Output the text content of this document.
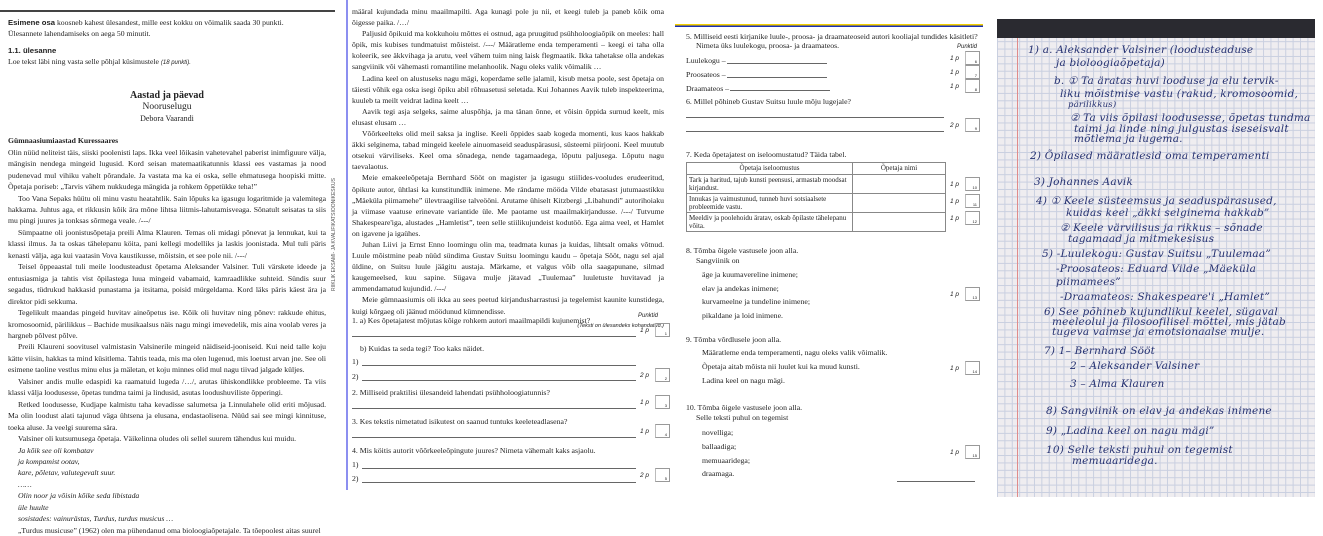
Esimene osa koosneb kahest ülesandest, mille eest kokku on võimalik saada 30 punkti.
Ülesannete lahendamiseks on aega 50 minutit.
1.1. ülesanne
Loe tekst läbi ning vasta selle põhjal küsimustele (18 punkti).
Aastad ja päevad
Nooruselugu
Debora Vaarandi
Gümnaasiumiaastad Kuressaares

Olin nüüd neliteist täis, siiski poolenisti laps. Ikka veel lõikasin vahetevahel paberist inimfiguure välja, mängisin nendega mingeid lugusid. Kord seisan matemaatikatunnis klassi ees vastamas ja nood pudenevad mul vihiku vahelt põrandale. Ja vastata ma ka ei oska, selle ehmatusega hoopiski mitte. Õpetaja poriseb: „Tarvis vähem nukkudega mängida ja rohkem õppetükke teha!”

Too Vana Sepaks hüütu oli minu vastu heatahtlik. Sain lõpuks ka igasugu logaritmide ja valemitega hakkama. Juhtus aga, et rikkusin kõik ära mõne lihtsa liitmis-lahutamisveaga. Sõnatult seisatas ta siis mu pingi juures ja tonksas sõrmega veale. /---/

Sümpaatne oli joonistusõpetaja preili Alma Klauren. Temas oli midagi põnevat ja lennukat, kui ta klassi ilmus. Ja ta oskas tähelepanu köita, pani kellegi modelliks ja laskis joonistada. Mul tuli päris kenasti välja, aga kui vaatasin Vova kaustikusse, mõistsin, et see pole nii. /---/

Teisel õppeaastal tuli meile loodusteadust õpetama Aleksander Valsiner. Tuli värskete ideede ja entusiasmiga ja tahtis vist õpilastega luua mingeid vabamaid, kamraadlikke suhteid. Sündis suur segadus, tüdrukud hakkasid punastama ja itsitama, poisid mürgeldama. Kord läks päris käest ära ja direktor pidi sekkuma.

Tegelikult maandas pingeid huvitav aineõpetus ise. Kõik oli huvitav ning põnev: rakkude ehitus, kromosoomid, pärilikkus – Bachide musikaalsus näis nagu mingi imevedelik, mis aina voolab veres ja hargneb põlvest põlve.

Preili Klaureni soovitusel valmistasin Valsinerile mingeid näidiseid-jooniseid. Kui neid talle koju kätte viisin, hakkas ta mind küsitlema. Tahtis teada, mis ma olen lugenud, mis loetust arvan jne. See oli esimene taoline vestlus minu elus ja mäletan, et koju minnes olid mul nagu tiivad jalgade küljes.

Valsiner andis mulle edaspidi ka raamatuid lugeda /…/, arutas ühiskondlikke probleeme. Ta viis klassi välja loodusesse, õpetas tundma taimi ja lindusid, asutas loodushuviliste õpperingi.

Retked loodusesse, Kudjape kalmistu taha kevadisse salumetsa ja Linnulahele olid eriti mõjusad. Ma olin loodust alati tajunud väga ühtsena ja elusana, endastaolisena. Nüüd sai see mingi kinnituse, toeka aluse. Ja veelgi suurema sära.

Valsiner oli kutsumusega õpetaja. Väikelinna oludes oli sellel suurem tähendus kui muidu.

Ja kõik see oli kombatav
ja kompamist ootav,
kare, põletav, valutegevalt suur.
……
Olin noor ja võisin kõike seda libistada
üle huulte
sosistades: vainurästas, Turdus, turdus musicus …

„Turdus musicuse” (1962) olen ma pühendanud oma bioloogiaõpetajale. Ta tõepoolest aitas suurel

RIIKLIK EKSAMI- JA KVALIFIKATSIOONIKESKUS

määral kujundada minu maailmapilti. Aga kunagi pole ju nii, et keegi tuleb ja paneb kõik oma õigesse paika. /…/

Paljusid õpikuid ma kokkuhoiu mõttes ei ostnud, aga pruugitud psühholoogiaõpik on meeles: hall õpik, mis kubises tundmatuist mõisteist. /---/ Määratleme enda temperamenti – keegi ei taha olla koleerik, see äkkvihaga ja arutu, veel vähem tuim ning laisk flegmaatik. Ikka tahetakse olla andekas sangviinik või vähemasti romantiline melanhoolik. Nagu oleks valik võimalik …

Ladina keel on alustuseks nagu mägi, koperdame selle jalamil, kisub metsa poole, sest õpetaja on täiesti võhik ega oska isegi õpiku abil rõhuasetusi seletada. Kui Johannes Aavik tuleb inspekteerima, kuuleb ta meilt veidrat ladina keelt …

Aavik tegi asja selgeks, saime aluspõhja, ja ma tänan õnne, et võisin õppida surnud keelt, mis elusast elusam …

Võõrkeelteks olid meil saksa ja inglise. Keeli õppides saab kogeda momenti, kus kaos hakkab äkki selginema, tabad mingeid keelele ainuomaseid seaduspärasusi, süsteemi piirjooni. Keel muutub otsekui värviliseks. Keel oma sõnadega, nende tagamaadega, lõputu paljusega. Lõputu nagu taevalaotus.

Meie emakeeleõpetaja Bernhard Sööt on magister ja igasugu stiilides-vooludes erudeeritud, õpikute autor, ühtlasi ka kunstitundlik inimene. Me rändame mööda Vilde ebatasast jutumaastikku „Mäeküla piimamehe” ülevtraagilise talveööni. Arutame ühiselt Kitzbergi „Libahundi” autorihoiaku ja viimase vaatuse erinevate variantide üle. Me paotame ust maailmakirjandusse. /---/ Tutvume Shakespeare'iga, alustades „Hamletist”, teen selle stiilikujundeist kodutöö. Ega aima veel, et Hamlet on igavene ja igaühes.

Juhan Liivi ja Ernst Enno loomingu olin ma, teadmata kunas ja kuidas, lihtsalt omaks võtnud. Luule mõistmine peab nüüd sündima Gustav Suitsu loomingu kaudu – õpetaja Sööt, nagu sel ajal üldine, on Suitsu luule jäägitu austaja. Märkame, et valgus võib olla saagapunane, silmad kaugemeelsed, kuu sapine. Sügava mulje jätavad „Tuulemaa” luuletuste huvitavad ja ammendamatud kujundid. /---/

Meie gümnaasiumis oli ikka au sees peetud kirjandusharrastusi ja tegelemist kaunite kunstidega, kuigi kõrgaeg oli jäänud möödunud kümnendisse.

(Teksti on ülesandeks kohandatud.)
1. a) Kes õpetajatest mõjutas kõige rohkem autori maailmapildi kujunemist?	Punktid
b) Kuidas ta seda tegi? Too kaks näidet.
1)
2)
2. Milliseid praktilisi ülesandeid lahendati psühholoogiatunnis?
3. Kes tekstis nimetatud isikutest on saanud tuntuks keeleteadlasena?
4. Mis köitis autorit võõrkeeleõpingute juures? Nimeta vähemalt kaks asjaolu.
1)
2)
1 p	1
2 p	2
1 p	3
1 p	4
2 p	5
5. Milliseid eesti kirjanike luule-, proosa- ja draamateoseid autori kooliajal tundides käsitleti?
Nimeta üks luulekogu, proosa- ja draamateos.	Punktid
Luulekogu –
Proosateos –
Draamateos –
6. Millel põhineb Gustav Suitsu luule mõju lugejale?
7. Keda õpetajatest on iseloomustatud? Täida tabel.
Õpetaja iseloomustus	Õpetaja nimi
Tark ja haritud, tajub kunsti peensusi, armastab moodsat kirjandust.	
Innukas ja vaimustunud, tunneb huvi sotsiaalsete probleemide vastu.	
Meeldiv ja poolehoidu äratav, oskab õpilaste tähelepanu võita.	
8. Tõmba õigele vastusele joon alla.
Sangviinik on
äge ja kuumavereline inimene;
elav ja andekas inimene;
kurvameelne ja tundeline inimene;
pikaldane ja loid inimene.
9. Tõmba võrdlusele joon alla.
Määratleme enda temperamenti, nagu oleks valik võimalik.
Õpetaja aitab mõista nii luulet kui ka muud kunsti.
Ladina keel on nagu mägi.
10. Tõmba õigele vastusele joon alla.
Selle teksti puhul on tegemist
novelliga;
ballaadiga;
memuaaridega;
draamaga.
1 p	6
1 p	7
1 p	8
2 p	9
1 p	10
1 p	11
1 p	12
1 p	13
1 p	14
1 p	15
1) a. Aleksander Valsiner (loodusteaduse
ja bioloogiaõpetaja)
b. ① Ta äratas huvi looduse ja elu tervik-
liku mõistmise vastu (rakud, kromosoomid,
pärilikkus)
② Ta viis õpilasi loodusesse, õpetas tundma
taimi ja linde ning julgustas iseseisvalt
mõtlema ja lugema.
2) Õpilased määratlesid oma temperamenti
3) Johannes Aavik
4) ① Keele süsteemsus ja seaduspärasused,
kuidas keel „äkki selginema hakkab”
② Keele värvilisus ja rikkus – sõnade
tagamaad ja mitmekesisus
5) -Luulekogu: Gustav Suitsu „Tuulemaa”
-Proosateos: Eduard Vilde „Mäeküla
piimamees”
-Draamateos: Shakespeare'i „Hamlet”
6) See põhineb kujundlikul keelel, sügaval
meeleolul ja filosoofilisel mõttel, mis jätab
tugeva vaimse ja emotsionaalse mulje.
7) 1– Bernhard Sööt
2 – Aleksander Valsiner
3 – Alma Klauren
8) Sangviinik on elav ja andekas inimene
9) „Ladina keel on nagu mägi”
10) Selle teksti puhul on tegemist
memuaaridega.
